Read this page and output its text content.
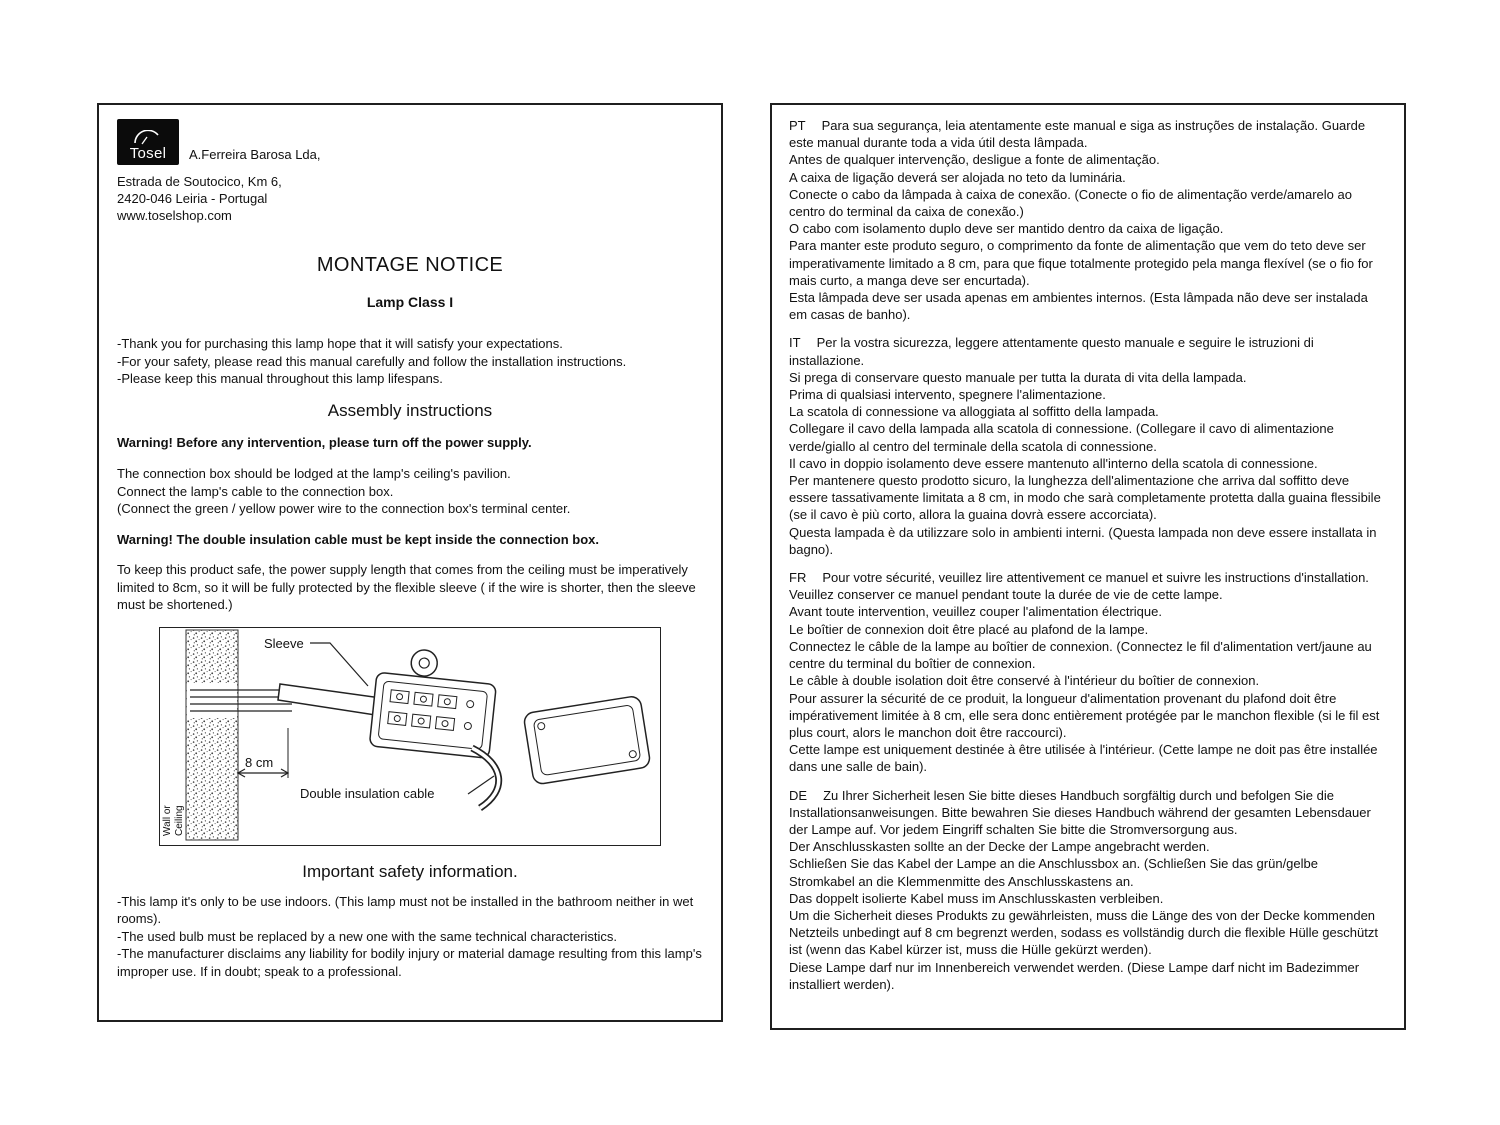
Tosel A.Ferreira Barosa Lda,
Estrada de Soutocico, Km 6,
2420-046 Leiria - Portugal
www.toselshop.com
MONTAGE NOTICE
Lamp Class I
-Thank you for purchasing this lamp hope that it will satisfy your expectations.
-For your safety, please read this manual carefully and follow the installation instructions.
-Please keep this manual throughout this lamp lifespans.
Assembly instructions
Warning! Before any intervention, please turn off the power supply.
The connection box should be lodged at the lamp's ceiling's pavilion.
Connect the lamp's cable to the connection box.
(Connect the green / yellow power wire to the connection box's terminal center.
Warning! The double insulation cable must be kept inside the connection box.
To keep this product safe, the power supply length that comes from the ceiling must be imperatively limited to 8cm, so it will be fully protected by the flexible sleeve ( if the wire is shorter, then the sleeve must be shortened.)
Wall or Ceiling
Sleeve
8 cm
Double insulation cable
Important safety information.
-This lamp it's only to be use indoors. (This lamp must not be installed in the bathroom neither in wet rooms).
-The used bulb must be replaced by a new one with the same technical characteristics.
-The manufacturer disclaims any liability for bodily injury or material damage resulting from this lamp's improper use. If in doubt; speak to a professional.
PT Para sua segurança, leia atentamente este manual e siga as instruções de instalação. Guarde este manual durante toda a vida útil desta lâmpada.
Antes de qualquer intervenção, desligue a fonte de alimentação.
A caixa de ligação deverá ser alojada no teto da luminária.
Conecte o cabo da lâmpada à caixa de conexão. (Conecte o fio de alimentação verde/amarelo ao centro do terminal da caixa de conexão.)
O cabo com isolamento duplo deve ser mantido dentro da caixa de ligação.
Para manter este produto seguro, o comprimento da fonte de alimentação que vem do teto deve ser imperativamente limitado a 8 cm, para que fique totalmente protegido pela manga flexível (se o fio for mais curto, a manga deve ser encurtada).
Esta lâmpada deve ser usada apenas em ambientes internos. (Esta lâmpada não deve ser instalada em casas de banho).
IT Per la vostra sicurezza, leggere attentamente questo manuale e seguire le istruzioni di installazione.
Si prega di conservare questo manuale per tutta la durata di vita della lampada.
Prima di qualsiasi intervento, spegnere l'alimentazione.
La scatola di connessione va alloggiata al soffitto della lampada.
Collegare il cavo della lampada alla scatola di connessione. (Collegare il cavo di alimentazione verde/giallo al centro del terminale della scatola di connessione.
Il cavo in doppio isolamento deve essere mantenuto all'interno della scatola di connessione.
Per mantenere questo prodotto sicuro, la lunghezza dell'alimentazione che arriva dal soffitto deve essere tassativamente limitata a 8 cm, in modo che sarà completamente protetta dalla guaina flessibile (se il cavo è più corto, allora la guaina dovrà essere accorciata).
Questa lampada è da utilizzare solo in ambienti interni. (Questa lampada non deve essere installata in bagno).
FR Pour votre sécurité, veuillez lire attentivement ce manuel et suivre les instructions d'installation. Veuillez conserver ce manuel pendant toute la durée de vie de cette lampe.
Avant toute intervention, veuillez couper l'alimentation électrique.
Le boîtier de connexion doit être placé au plafond de la lampe.
Connectez le câble de la lampe au boîtier de connexion. (Connectez le fil d'alimentation vert/jaune au centre du terminal du boîtier de connexion.
Le câble à double isolation doit être conservé à l'intérieur du boîtier de connexion.
Pour assurer la sécurité de ce produit, la longueur d'alimentation provenant du plafond doit être impérativement limitée à 8 cm, elle sera donc entièrement protégée par le manchon flexible (si le fil est plus court, alors le manchon doit être raccourci).
Cette lampe est uniquement destinée à être utilisée à l'intérieur. (Cette lampe ne doit pas être installée dans une salle de bain).
DE Zu Ihrer Sicherheit lesen Sie bitte dieses Handbuch sorgfältig durch und befolgen Sie die Installationsanweisungen. Bitte bewahren Sie dieses Handbuch während der gesamten Lebensdauer der Lampe auf. Vor jedem Eingriff schalten Sie bitte die Stromversorgung aus.
Der Anschlusskasten sollte an der Decke der Lampe angebracht werden.
Schließen Sie das Kabel der Lampe an die Anschlussbox an. (Schließen Sie das grün/gelbe Stromkabel an die Klemmenmitte des Anschlusskastens an.
Das doppelt isolierte Kabel muss im Anschlusskasten verbleiben.
Um die Sicherheit dieses Produkts zu gewährleisten, muss die Länge des von der Decke kommenden Netzteils unbedingt auf 8 cm begrenzt werden, sodass es vollständig durch die flexible Hülle geschützt ist (wenn das Kabel kürzer ist, muss die Hülle gekürzt werden).
Diese Lampe darf nur im Innenbereich verwendet werden. (Diese Lampe darf nicht im Badezimmer installiert werden).
